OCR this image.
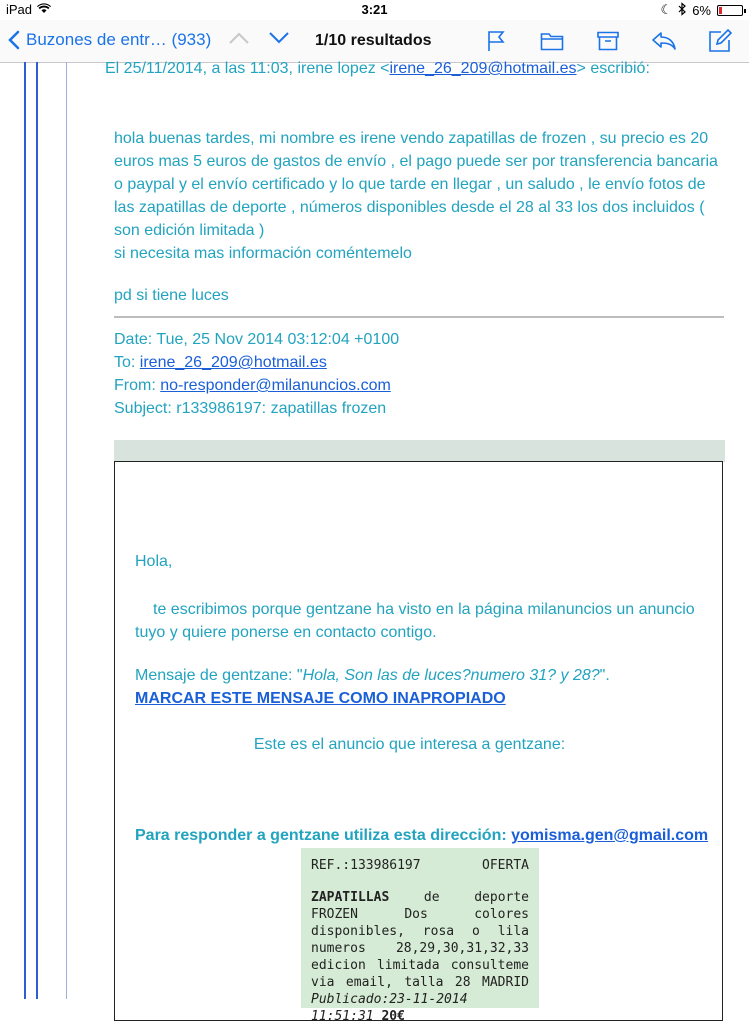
iPad	3:21	☾ 6%
Buzones de entr…
(933)	1/10 resultados
El 25/11/2014, a las 11:03, irene lopez <irene_26_209@hotmail.es> escribió:

hola buenas tardes, mi nombre es irene vendo zapatillas de frozen , su precio es 20 euros mas 5 euros de gastos de envío , el pago puede ser por transferencia bancaria o paypal y el envío certificado y lo que tarde en llegar , un saludo , le envío fotos de las zapatillas de deporte , números disponibles desde el 28 al 33 los dos incluidos ( son edición limitada )

si necesita mas información coméntemelo

pd si tiene luces
Date: Tue, 25 Nov 2014 03:12:04 +0100
To: irene_26_209@hotmail.es
From: no-responder@milanuncios.com
Subject: r133986197: zapatillas frozen
Hola,
te escribimos porque gentzane ha visto en la página milanuncios un anuncio tuyo y quiere ponerse en contacto contigo.
Mensaje de gentzane: "Hola, Son las de luces?numero 31? y 28?".
MARCAR ESTE MENSAJE COMO INAPROPIADO
Este es el anuncio que interesa a gentzane:
Para responder a gentzane utiliza esta dirección: yomisma.gen@gmail.com
REF.:133986197	OFERTA
ZAPATILLAS de deporte FROZEN Dos colores disponibles, rosa o lila numeros 28,29,30,31,32,33 edicion limitada consulteme via email, talla 28 MADRID Publicado:23-11-2014 11:51:31 20€
